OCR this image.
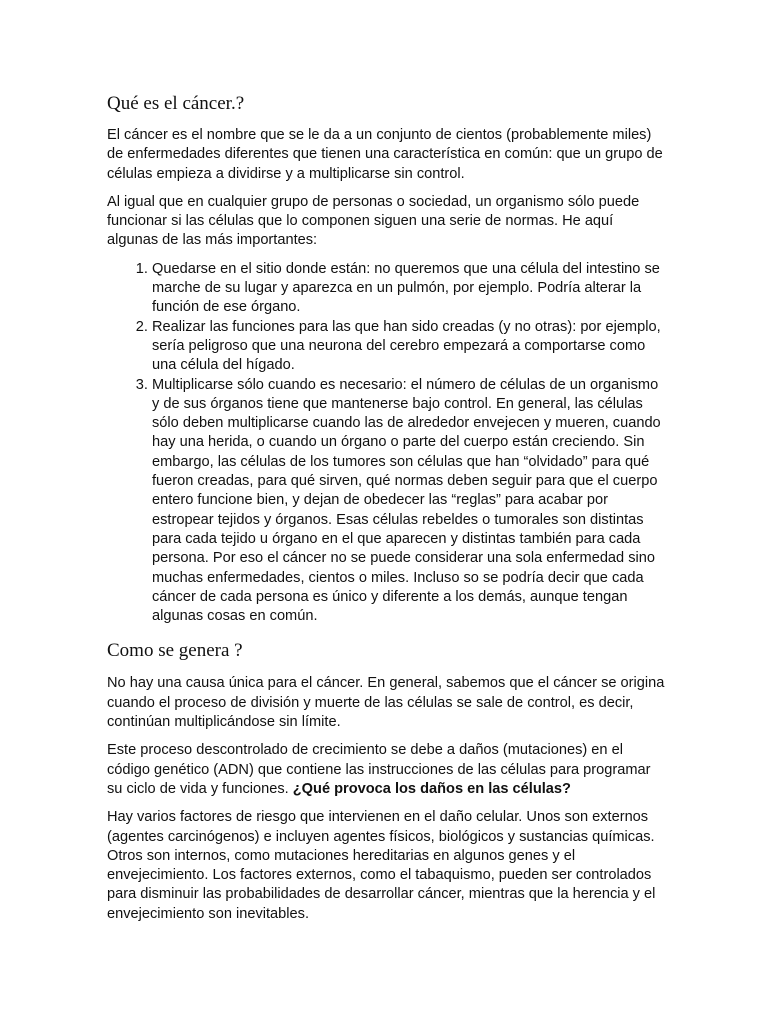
Qué es el cáncer.?

El cáncer es el nombre que se le da a un conjunto de cientos (probablemente miles) de enfermedades diferentes que tienen una característica en común: que un grupo de células empieza a dividirse y a multiplicarse sin control.

Al igual que en cualquier grupo de personas o sociedad, un organismo sólo puede funcionar si las células que lo componen siguen una serie de normas. He aquí algunas de las más importantes:

1. Quedarse en el sitio donde están: no queremos que una célula del intestino se marche de su lugar y aparezca en un pulmón, por ejemplo. Podría alterar la función de ese órgano.
2. Realizar las funciones para las que han sido creadas (y no otras): por ejemplo, sería peligroso que una neurona del cerebro empezará a comportarse como una célula del hígado.
3. Multiplicarse sólo cuando es necesario: el número de células de un organismo y de sus órganos tiene que mantenerse bajo control. En general, las células sólo deben multiplicarse cuando las de alrededor envejecen y mueren, cuando hay una herida, o cuando un órgano o parte del cuerpo están creciendo. Sin embargo, las células de los tumores son células que han “olvidado” para qué fueron creadas, para qué sirven, qué normas deben seguir para que el cuerpo entero funcione bien, y dejan de obedecer las “reglas” para acabar por estropear tejidos y órganos. Esas células rebeldes o tumorales son distintas para cada tejido u órgano en el que aparecen y distintas también para cada persona. Por eso el cáncer no se puede considerar una sola enfermedad sino muchas enfermedades, cientos o miles. Incluso so se podría decir que cada cáncer de cada persona es único y diferente a los demás, aunque tengan algunas cosas en común.
Como se genera ?

No hay una causa única para el cáncer. En general, sabemos que el cáncer se origina cuando el proceso de división y muerte de las células se sale de control, es decir, continúan multiplicándose sin límite.

Este proceso descontrolado de crecimiento se debe a daños (mutaciones) en el código genético (ADN) que contiene las instrucciones de las células para programar su ciclo de vida y funciones. ¿Qué provoca los daños en las células?

Hay varios factores de riesgo que intervienen en el daño celular. Unos son externos (agentes carcinógenos) e incluyen agentes físicos, biológicos y sustancias químicas. Otros son internos, como mutaciones hereditarias en algunos genes y el envejecimiento. Los factores externos, como el tabaquismo, pueden ser controlados para disminuir las probabilidades de desarrollar cáncer, mientras que la herencia y el envejecimiento son inevitables.
